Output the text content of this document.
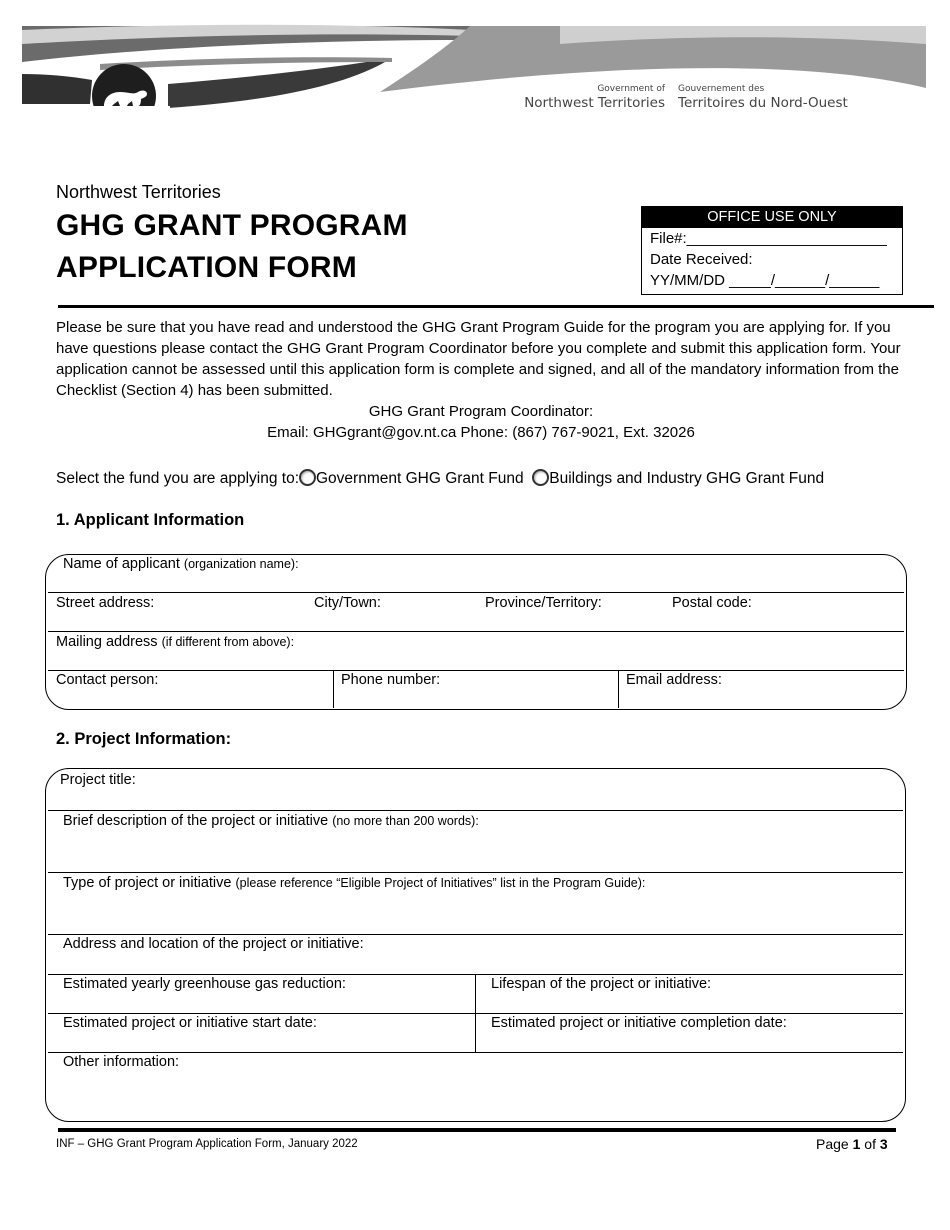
Government of
Northwest Territories
Gouvernement des
Territoires du Nord-Ouest
Northwest Territories
GHG GRANT PROGRAM
APPLICATION FORM
OFFICE USE ONLY
File#:________________________
Date Received:
YY/MM/DD _____/______/______
Please be sure that you have read and understood the GHG Grant Program Guide for the program you are applying for. If you have questions please contact the GHG Grant Program Coordinator before you complete and submit this application form. Your application cannot be assessed until this application form is complete and signed, and all of the mandatory information from the Checklist (Section 4) has been submitted.
GHG Grant Program Coordinator:
Email: GHGgrant@gov.nt.ca Phone: (867) 767-9021, Ext. 32026
Select the fund you are applying to: Government GHG Grant Fund Buildings and Industry GHG Grant Fund
1. Applicant Information
Name of applicant (organization name):
Street address:	City/Town:	Province/Territory:	Postal code:
Mailing address (if different from above):
Contact person:	Phone number:	Email address:
2. Project Information:
Project title:
Brief description of the project or initiative (no more than 200 words):
Type of project or initiative (please reference “Eligible Project of Initiatives” list in the Program Guide):
Address and location of the project or initiative:
Estimated yearly greenhouse gas reduction:	Lifespan of the project or initiative:
Estimated project or initiative start date:	Estimated project or initiative completion date:
Other information:
INF – GHG Grant Program Application Form, January 2022	Page 1 of 3
